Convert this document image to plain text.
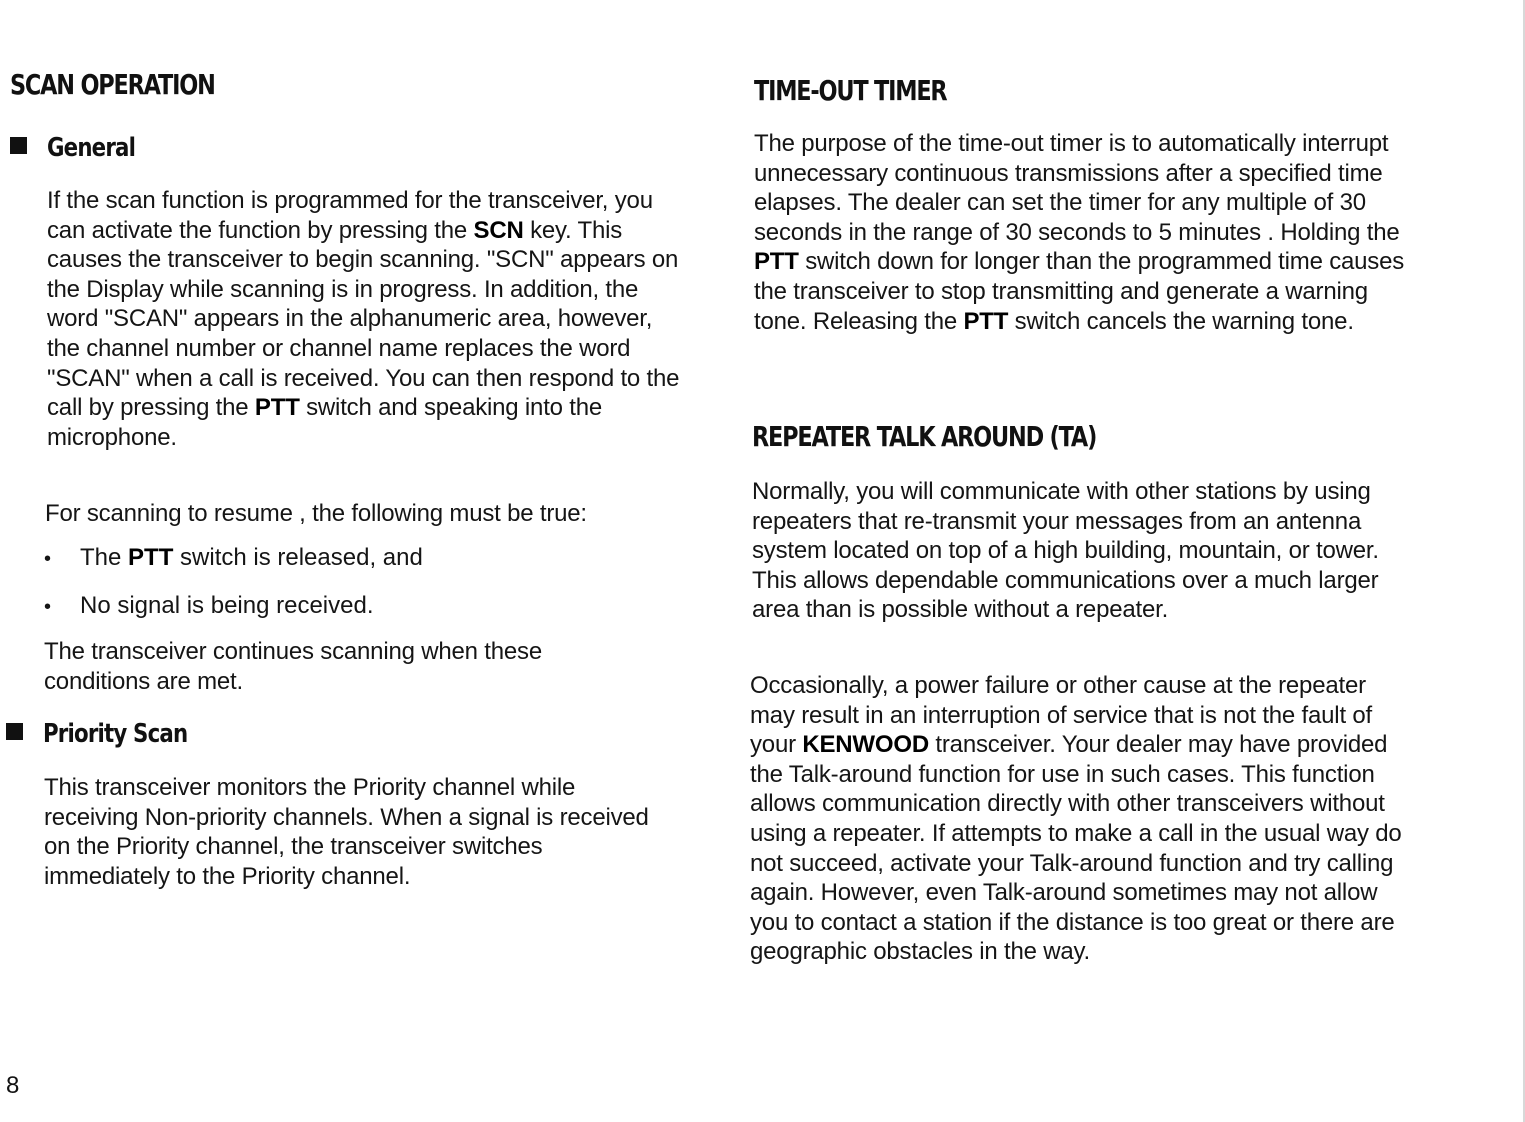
SCAN OPERATION
General

If the scan function is programmed for the transceiver, you can activate the function by pressing the SCN key. This causes the transceiver to begin scanning. "SCN" appears on the Display while scanning is in progress. In addition, the word "SCAN" appears in the alphanumeric area, however, the channel number or channel name replaces the word "SCAN" when a call is received. You can then respond to the call by pressing the PTT switch and speaking into the microphone.

For scanning to resume , the following must be true:

• The PTT switch is released, and

• No signal is being received.

The transceiver continues scanning when these conditions are met.

Priority Scan

This transceiver monitors the Priority channel while receiving Non-priority channels. When a signal is received on the Priority channel, the transceiver switches immediately to the Priority channel.

8
TIME-OUT TIMER

The purpose of the time-out timer is to automatically interrupt unnecessary continuous transmissions after a specified time elapses. The dealer can set the timer for any multiple of 30 seconds in the range of 30 seconds to 5 minutes . Holding the PTT switch down for longer than the programmed time causes the transceiver to stop transmitting and generate a warning tone. Releasing the PTT switch cancels the warning tone.

REPEATER TALK AROUND (TA)

Normally, you will communicate with other stations by using repeaters that re-transmit your messages from an antenna system located on top of a high building, mountain, or tower. This allows dependable communications over a much larger area than is possible without a repeater.

Occasionally, a power failure or other cause at the repeater may result in an interruption of service that is not the fault of your KENWOOD transceiver. Your dealer may have provided the Talk-around function for use in such cases. This function allows communication directly with other transceivers without using a repeater. If attempts to make a call in the usual way do not succeed, activate your Talk-around function and try calling again. However, even Talk-around sometimes may not allow you to contact a station if the distance is too great or there are geographic obstacles in the way.
